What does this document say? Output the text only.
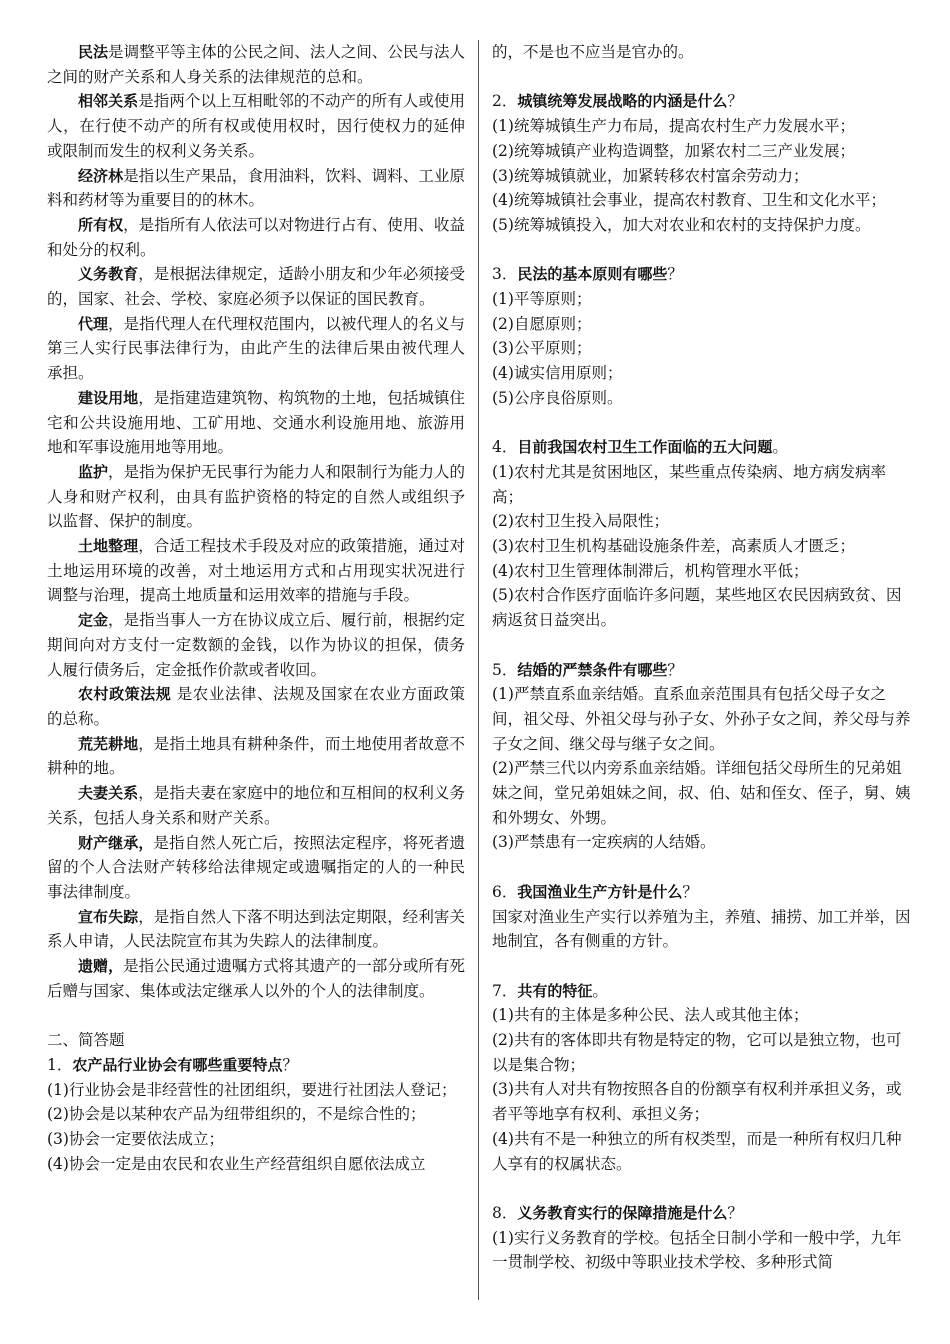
民法是调整平等主体的公民之间、法人之间、公民与法人之间的财产关系和人身关系的法律规范的总和。

相邻关系是指两个以上互相毗邻的不动产的所有人或使用人，在行使不动产的所有权或使用权时，因行使权力的延伸或限制而发生的权利义务关系。

经济林是指以生产果品，食用油料，饮料、调料、工业原料和药材等为重要目的的林木。

所有权，是指所有人依法可以对物进行占有、使用、收益和处分的权利。

义务教育，是根据法律规定，适龄小朋友和少年必须接受的，国家、社会、学校、家庭必须予以保证的国民教育。

代理，是指代理人在代理权范围内，以被代理人的名义与第三人实行民事法律行为，由此产生的法律后果由被代理人承担。

建设用地，是指建造建筑物、构筑物的土地，包括城镇住宅和公共设施用地、工矿用地、交通水利设施用地、旅游用地和军事设施用地等用地。

监护，是指为保护无民事行为能力人和限制行为能力人的人身和财产权利，由具有监护资格的特定的自然人或组织予以监督、保护的制度。

土地整理，合适工程技术手段及对应的政策措施，通过对土地运用环境的改善，对土地运用方式和占用现实状况进行调整与治理，提高土地质量和运用效率的措施与手段。

定金，是指当事人一方在协议成立后、履行前，根据约定期间向对方支付一定数额的金钱，以作为协议的担保，债务人履行债务后，定金抵作价款或者收回。

农村政策法规 是农业法律、法规及国家在农业方面政策的总称。

荒芜耕地，是指土地具有耕种条件，而土地使用者故意不耕种的地。

夫妻关系，是指夫妻在家庭中的地位和互相间的权利义务关系，包括人身关系和财产关系。

财产继承，是指自然人死亡后，按照法定程序，将死者遗留的个人合法财产转移给法律规定或遗嘱指定的人的一种民事法律制度。

宣布失踪，是指自然人下落不明达到法定期限，经利害关系人申请，人民法院宣布其为失踪人的法律制度。

遗赠，是指公民通过遗嘱方式将其遗产的一部分或所有死后赠与国家、集体或法定继承人以外的个人的法律制度。

二、简答题

1．农产品行业协会有哪些重要特点？

(1)行业协会是非经营性的社团组织，要进行社团法人登记；

(2)协会是以某种农产品为纽带组织的，不是综合性的；

(3)协会一定要依法成立；

(4)协会一定是由农民和农业生产经营组织自愿依法成立

的，不是也不应当是官办的。

2．城镇统筹发展战略的内涵是什么？

(1)统筹城镇生产力布局，提高农村生产力发展水平；

(2)统筹城镇产业构造调整，加紧农村二三产业发展；

(3)统筹城镇就业，加紧转移农村富余劳动力；

(4)统筹城镇社会事业，提高农村教育、卫生和文化水平；

(5)统筹城镇投入，加大对农业和农村的支持保护力度。

3．民法的基本原则有哪些？

(1)平等原则；

(2)自愿原则；

(3)公平原则；

(4)诚实信用原则；

(5)公序良俗原则。

4．目前我国农村卫生工作面临的五大问题。

(1)农村尤其是贫困地区，某些重点传染病、地方病发病率高；

(2)农村卫生投入局限性；

(3)农村卫生机构基础设施条件差，高素质人才匮乏；

(4)农村卫生管理体制滞后，机构管理水平低；

(5)农村合作医疗面临许多问题，某些地区农民因病致贫、因病返贫日益突出。

5．结婚的严禁条件有哪些？

(1)严禁直系血亲结婚。直系血亲范围具有包括父母子女之间，祖父母、外祖父母与孙子女、外孙子女之间，养父母与养子女之间、继父母与继子女之间。

(2)严禁三代以内旁系血亲结婚。详细包括父母所生的兄弟姐妹之间，堂兄弟姐妹之间，叔、伯、姑和侄女、侄子，舅、姨和外甥女、外甥。

(3)严禁患有一定疾病的人结婚。

6．我国渔业生产方针是什么？

国家对渔业生产实行以养殖为主，养殖、捕捞、加工并举，因地制宜，各有侧重的方针。

7．共有的特征。

(1)共有的主体是多种公民、法人或其他主体；

(2)共有的客体即共有物是特定的物，它可以是独立物，也可以是集合物；

(3)共有人对共有物按照各自的份额享有权利并承担义务，或者平等地享有权利、承担义务；

(4)共有不是一种独立的所有权类型，而是一种所有权归几种人享有的权属状态。

8．义务教育实行的保障措施是什么？

(1)实行义务教育的学校。包括全日制小学和一般中学，九年一贯制学校、初级中等职业技术学校、多种形式简
